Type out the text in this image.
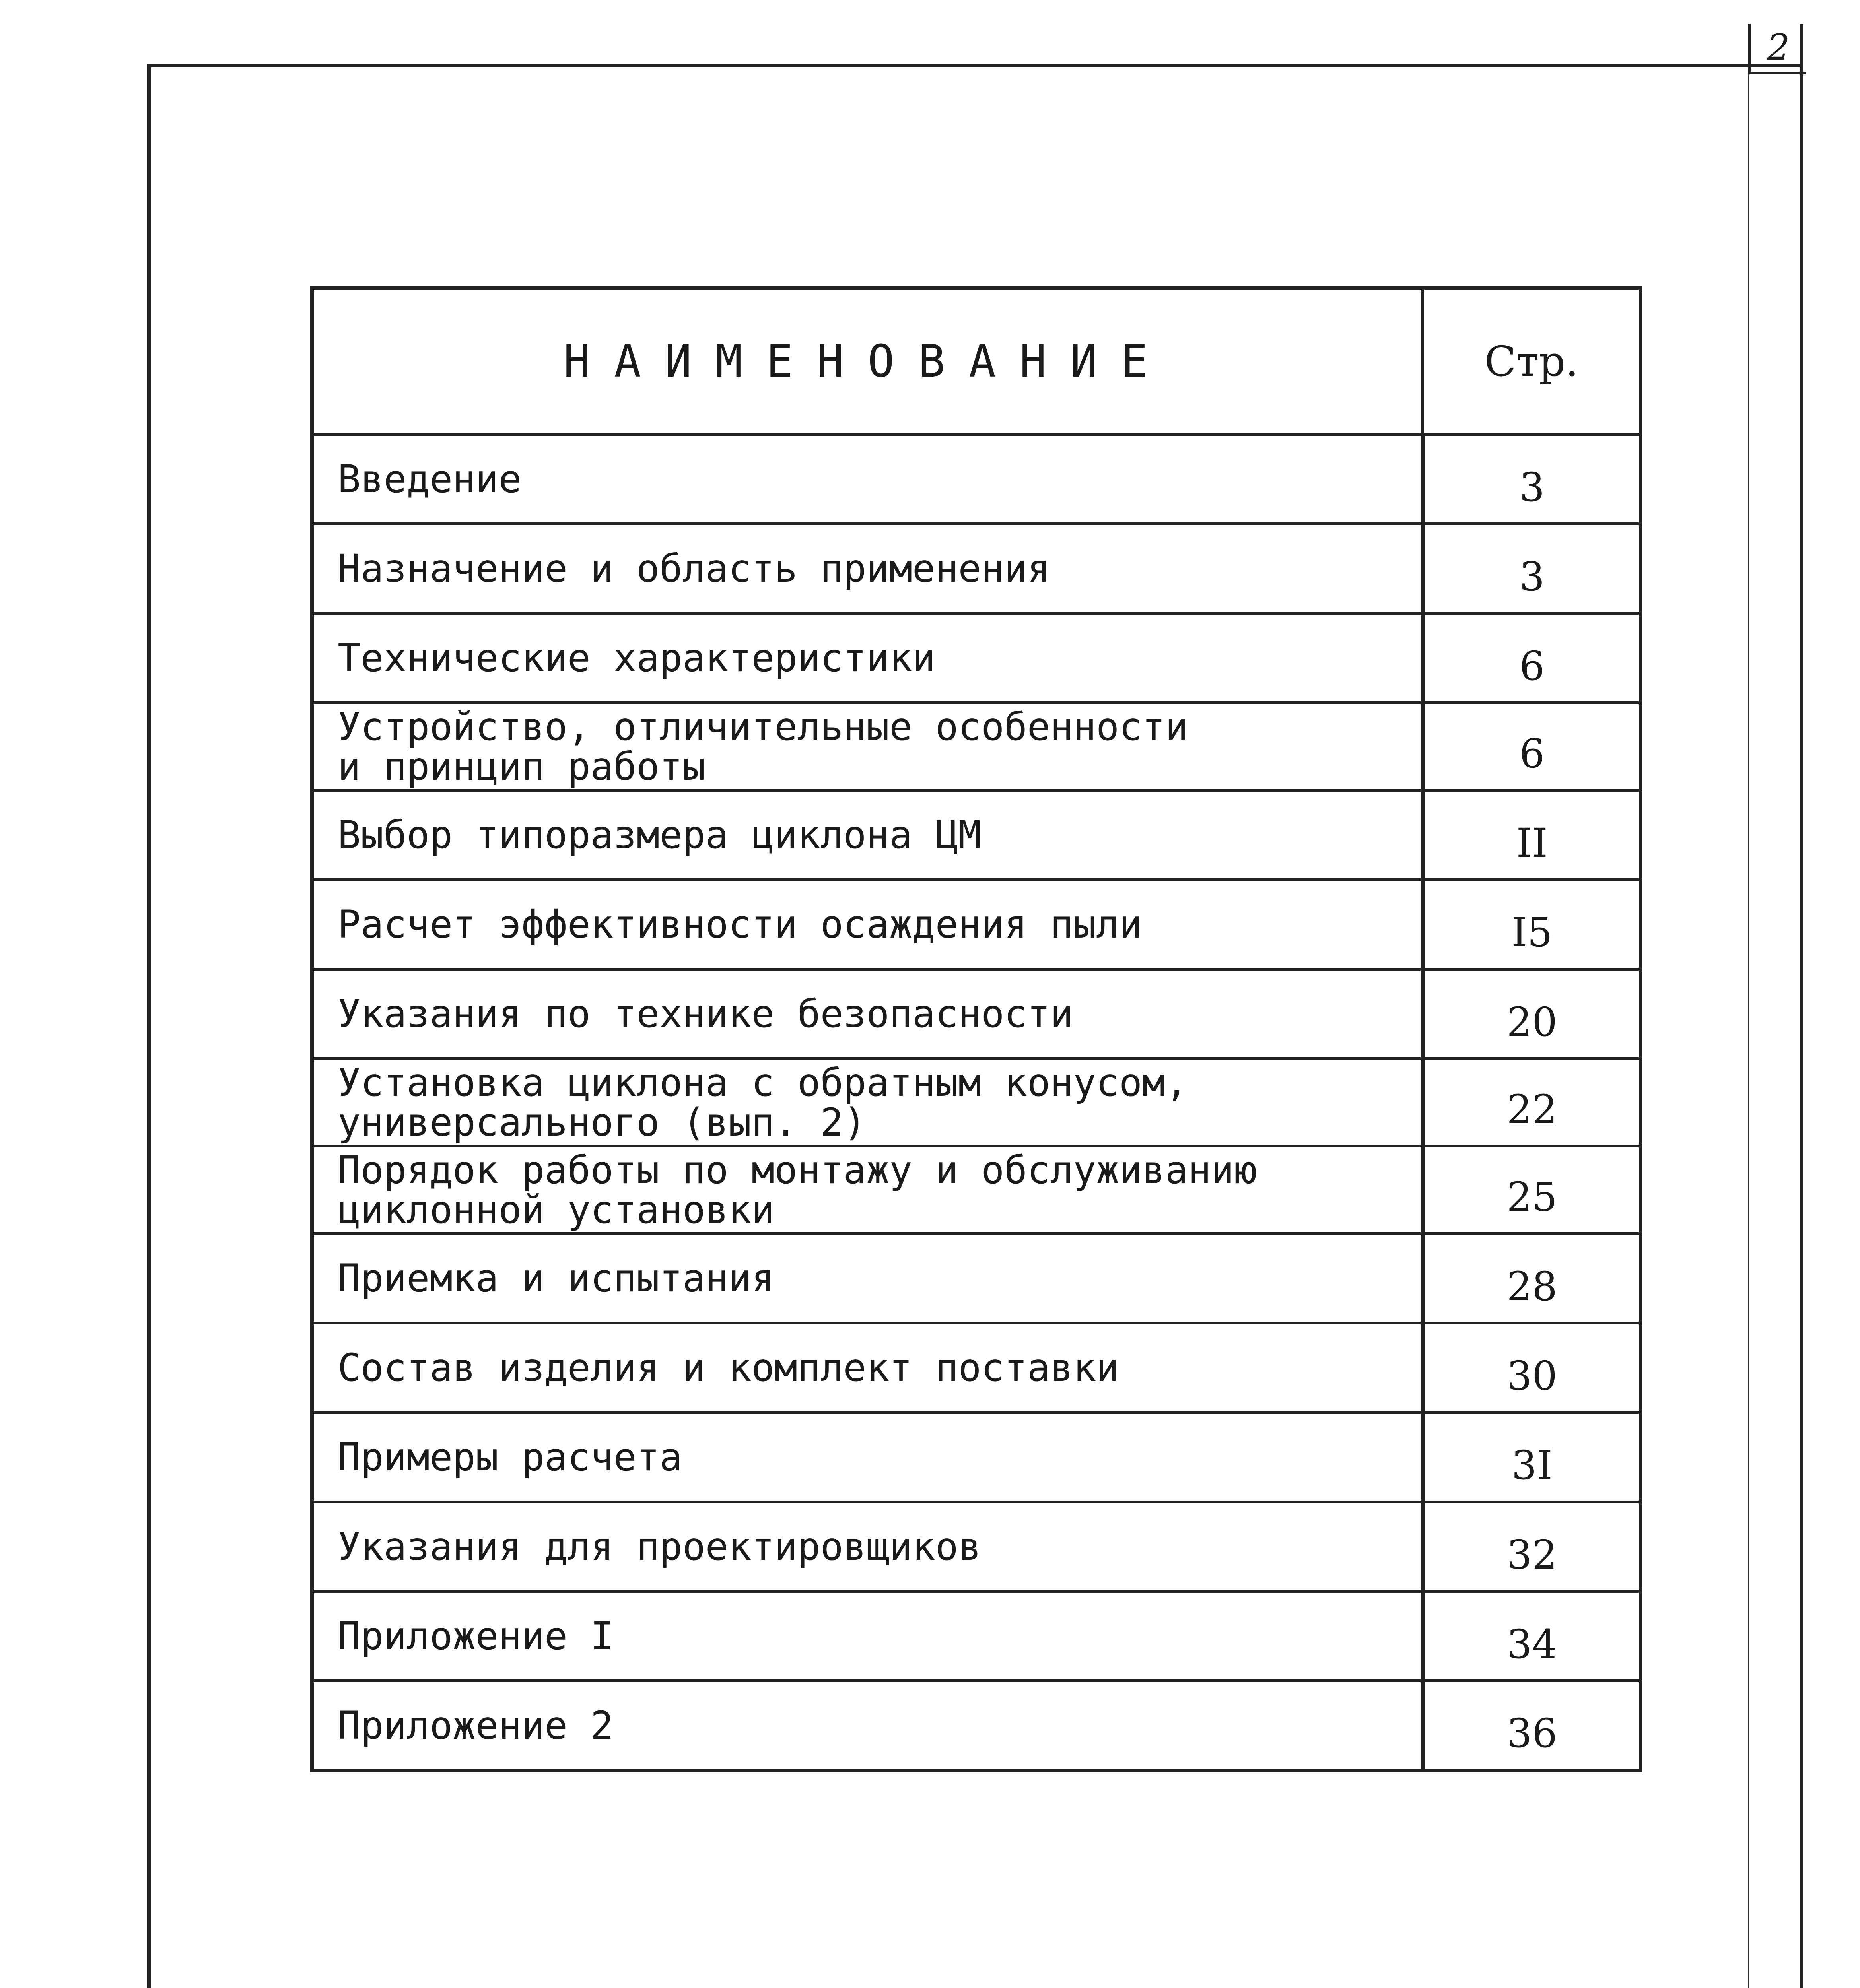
2
НАИМЕНОВАНИЕ	Стр.
Введение	3
Назначение и область применения	3
Технические характеристики	6
Устройство, отличительные особенности
и принцип работы	6
Выбор типоразмера циклона ЦМ	II
Расчет эффективности осаждения пыли	I5
Указания по технике безопасности	20
Установка циклона с обратным конусом,
универсального (вып. 2)	22
Порядок работы по монтажу и обслуживанию
циклонной установки	25
Приемка и испытания	28
Состав изделия и комплект поставки	30
Примеры расчета	3I
Указания для проектировщиков	32
Приложение I	34
Приложение 2	36
